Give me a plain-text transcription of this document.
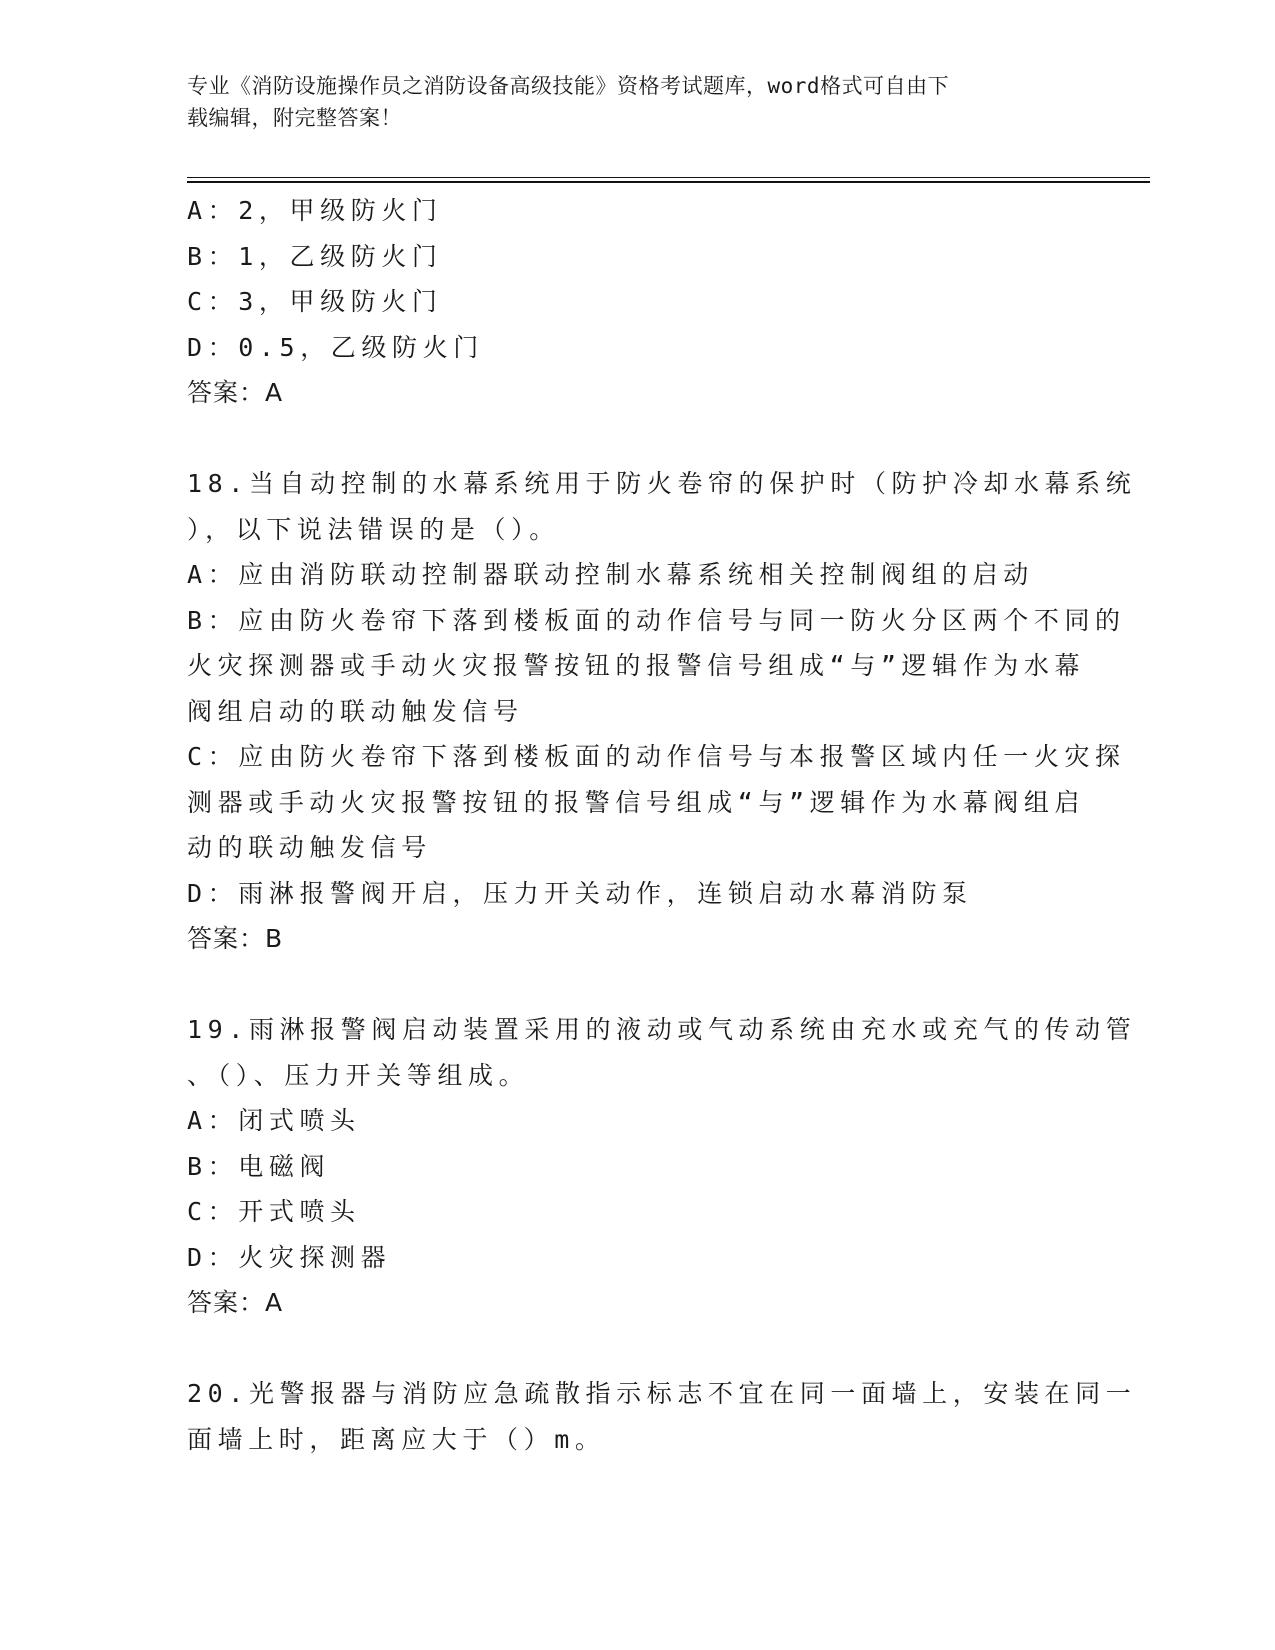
专业《消防设施操作员之消防设备高级技能》资格考试题库，word格式可自由下
载编辑，附完整答案！
A：2，甲级防火门
B：1，乙级防火门
C：3，甲级防火门
D：0.5，乙级防火门
答案：A
18.当自动控制的水幕系统用于防火卷帘的保护时（防护冷却水幕系统
），以下说法错误的是（）。
A：应由消防联动控制器联动控制水幕系统相关控制阀组的启动
B：应由防火卷帘下落到楼板面的动作信号与同一防火分区两个不同的
火灾探测器或手动火灾报警按钮的报警信号组成“与”逻辑作为水幕
阀组启动的联动触发信号
C：应由防火卷帘下落到楼板面的动作信号与本报警区域内任一火灾探
测器或手动火灾报警按钮的报警信号组成“与”逻辑作为水幕阀组启
动的联动触发信号
D：雨淋报警阀开启，压力开关动作，连锁启动水幕消防泵
答案：B
19.雨淋报警阀启动装置采用的液动或气动系统由充水或充气的传动管
、（）、压力开关等组成。
A：闭式喷头
B：电磁阀
C：开式喷头
D：火灾探测器
答案：A
20.光警报器与消防应急疏散指示标志不宜在同一面墙上，安装在同一
面墙上时，距离应大于（）m。
